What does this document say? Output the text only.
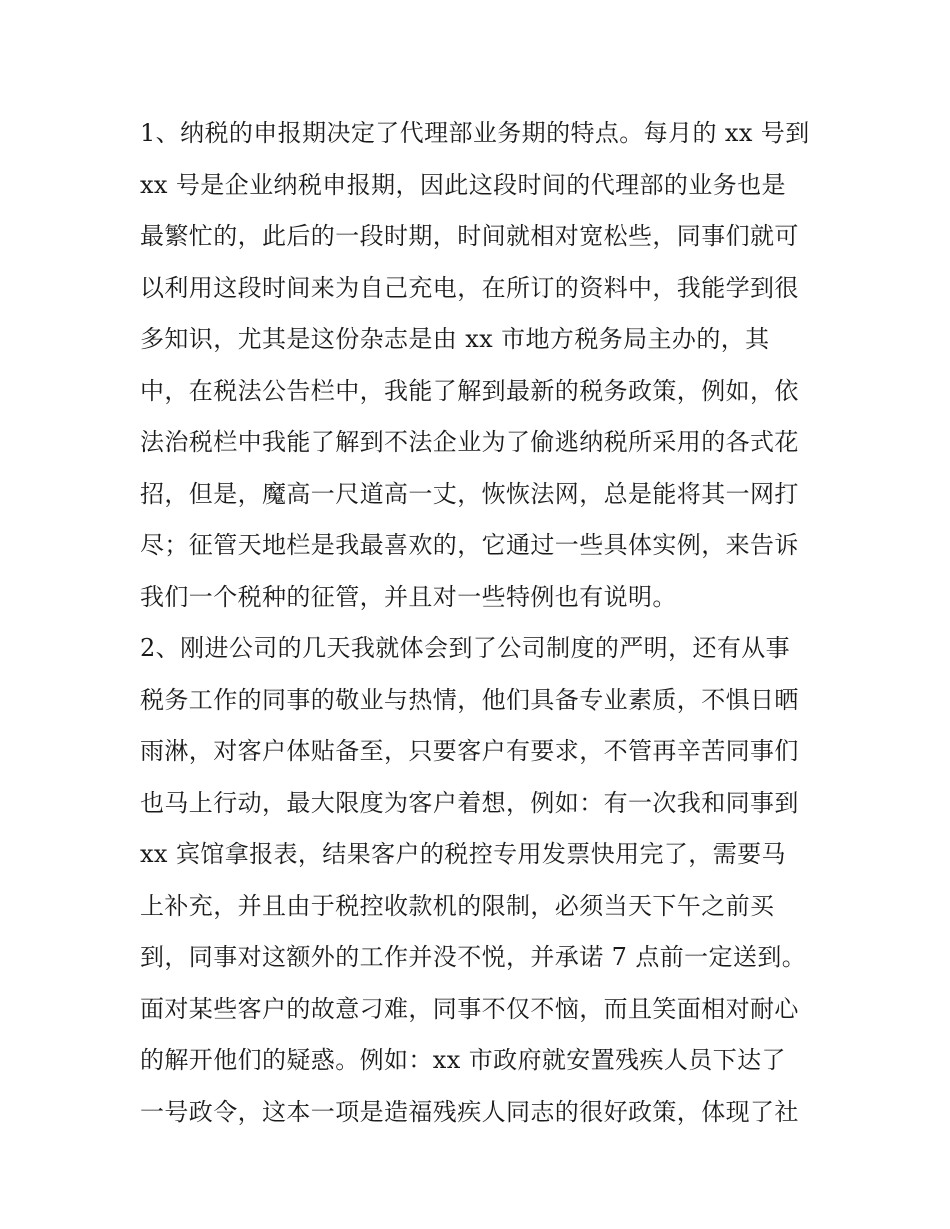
1、纳税的申报期决定了代理部业务期的特点。每月的 xx 号到
xx 号是企业纳税申报期，因此这段时间的代理部的业务也是
最繁忙的，此后的一段时期，时间就相对宽松些，同事们就可
以利用这段时间来为自己充电，在所订的资料中，我能学到很
多知识，尤其是这份杂志是由 xx 市地方税务局主办的，其
中，在税法公告栏中，我能了解到最新的税务政策，例如，依
法治税栏中我能了解到不法企业为了偷逃纳税所采用的各式花
招，但是，魔高一尺道高一丈，恢恢法网，总是能将其一网打
尽；征管天地栏是我最喜欢的，它通过一些具体实例，来告诉
我们一个税种的征管，并且对一些特例也有说明。
2、刚进公司的几天我就体会到了公司制度的严明，还有从事
税务工作的同事的敬业与热情，他们具备专业素质，不惧日晒
雨淋，对客户体贴备至，只要客户有要求，不管再辛苦同事们
也马上行动，最大限度为客户着想，例如：有一次我和同事到
xx 宾馆拿报表，结果客户的税控专用发票快用完了，需要马
上补充，并且由于税控收款机的限制，必须当天下午之前买
到，同事对这额外的工作并没不悦，并承诺 7 点前一定送到。
面对某些客户的故意刁难，同事不仅不恼，而且笑面相对耐心
的解开他们的疑惑。例如：xx 市政府就安置残疾人员下达了
一号政令，这本一项是造福残疾人同志的很好政策，体现了社
